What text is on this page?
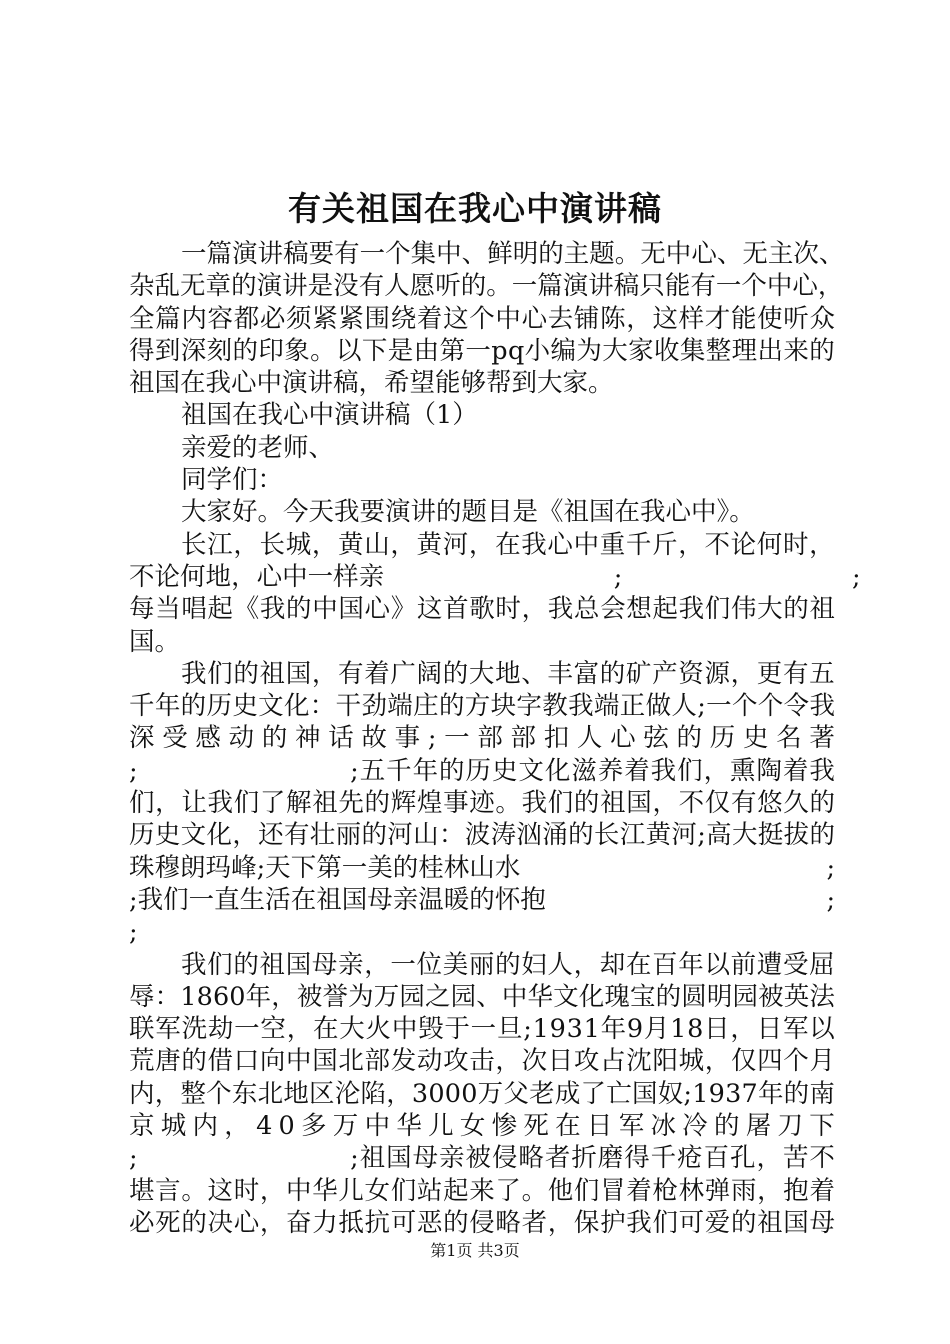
有关祖国在我心中演讲稿
一 篇 演 讲 稿 要 有 一 个 集 中 、 鲜 明 的 主 题 。 无 中 心 、 无 主 次 、
杂 乱 无 章 的 演 讲 是 没 有 人 愿 听 的 。 一 篇 演 讲 稿 只 能 有 一 个 中 心 ，
全 篇 内 容 都 必 须 紧 紧 围 绕 着 这 个 中 心 去 铺 陈 ， 这 样 才 能 使 听 众
得 到 深 刻 的 印 象 。 以 下 是 由 第 一 p q 小 编 为 大 家 收 集 整 理 出 来 的
祖国在我心中演讲稿，希望能够帮到大家。
祖国在我心中演讲稿（1）
亲爱的老师、
同学们：
大家好。今天我要演讲的题目是《祖国在我心中》。
长 江 ， 长 城 ， 黄 山 ， 黄 河 ， 在 我 心 中 重 千 斤 ， 不 论 何 时 ，
不 论 何 地 ， 心 中 一 样 亲

　	;

　	;
每 当 唱 起 《 我 的 中 国 心 》 这 首 歌 时 ， 我 总 会 想 起 我 们 伟 大 的 祖
国。
我 们 的 祖 国 ， 有 着 广 阔 的 大 地 、 丰 富 的 矿 产 资 源 ， 更 有 五
千 年 的 历 史 文 化 ： 干 劲 端 庄 的 方 块 字 教 我 端 正 做 人 ; 一 个 个 令 我
深 受 感 动 的 神 话 故 事 ; 一 部 部 扣 人 心 弦 的 历 史 名 著
;

　	; 五 千 年 的 历 史 文 化 滋 养 着 我 们 ， 熏 陶 着 我
们 ， 让 我 们 了 解 祖 先 的 辉 煌 事 迹 。 我 们 的 祖 国 ， 不 仅 有 悠 久 的
历 史 文 化 ， 还 有 壮 丽 的 河 山 ： 波 涛 汹 涌 的 长 江 黄 河 ; 高 大 挺 拔 的
珠 穆 朗 玛 峰 ; 天 下 第 一 美 的 桂 林 山 水

　	;
; 我 们 一 直 生 活 在 祖 国 母 亲 温 暖 的 怀 抱

　	;
;
我 们 的 祖 国 母 亲 ， 一 位 美 丽 的 妇 人 ， 却 在 百 年 以 前 遭 受 屈
辱 ： 1 8 6 0 年 ， 被 誉 为 万 园 之 园 、 中 华 文 化 瑰 宝 的 圆 明 园 被 英 法
联 军 洗 劫 一 空 ， 在 大 火 中 毁 于 一 旦 ; 1 9 3 1 年 9 月 1 8 日 ， 日 军 以
荒 唐 的 借 口 向 中 国 北 部 发 动 攻 击 ， 次 日 攻 占 沈 阳 城 ， 仅 四 个 月
内 ， 整 个 东 北 地 区 沦 陷 ， 3 0 0 0 万 父 老 成 了 亡 国 奴 ; 1 9 3 7 年 的 南
京 城 内 ， 4 0 多 万 中 华 儿 女 惨 死 在 日 军 冰 冷 的 屠 刀 下
;

　	; 祖 国 母 亲 被 侵 略 者 折 磨 得 千 疮 百 孔 ， 苦 不
堪 言 。 这 时 ， 中 华 儿 女 们 站 起 来 了 。 他 们 冒 着 枪 林 弹 雨 ， 抱 着
必 死 的 决 心 ， 奋 力 抵 抗 可 恶 的 侵 略 者 ， 保 护 我 们 可 爱 的 祖 国 母
第1页 共3页
